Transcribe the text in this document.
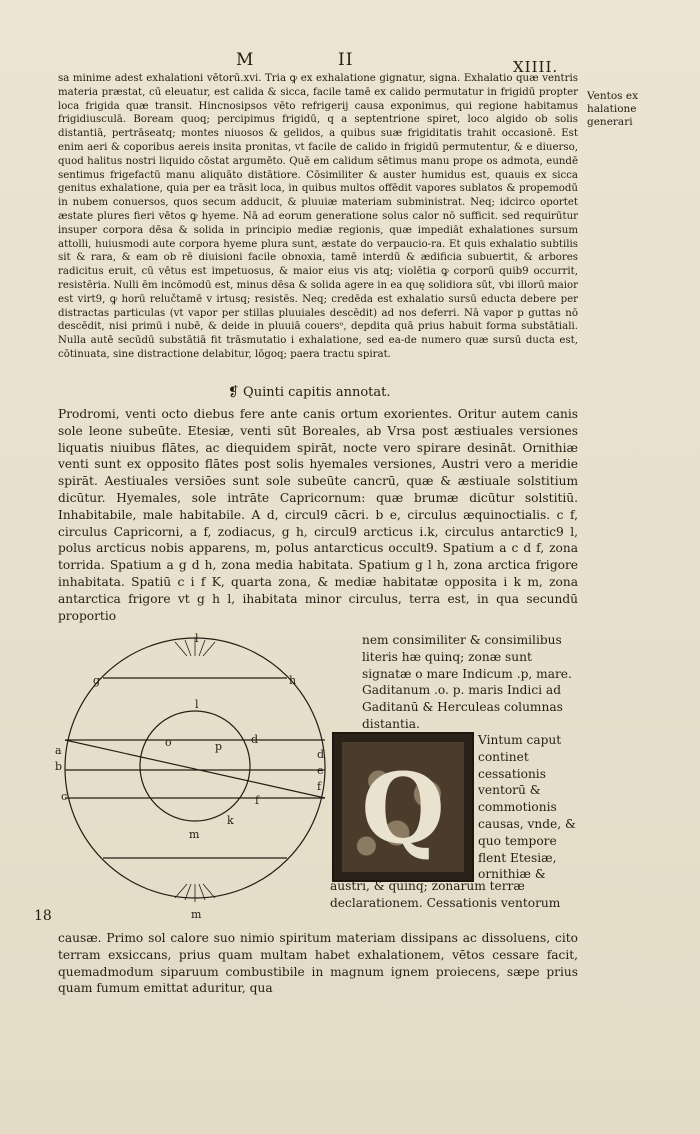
M	II	XIIII.
Ventos ex halatione generari

sa minime adest exhalationi vētorū.xvi. Tria ꝙ ex exhalatione gignatur, signa. Exhalatio quæ ventris materia præstat, cū eleuatur, est calida & sicca, facile tamē ex calido permutatur in frigidū propter loca frigida quæ transit. Hincnosipsos vēto refrigerij causa exponimus, qui regione habitamus frigidiusculā. Boream quoq; percipimus frigidū, q a septentrione spiret, loco algido ob solis distantiā, pertrāseatq; montes niuosos & gelidos, a quibus suæ frigiditatis trahit occasionē. Est enim aeri & coporibus aereis insita pronitas, vt facile de calido in frigidū permutentur, & e diuerso, quod halitus nostri liquido cōstat argumēto. Quē em calidum sētimus manu prope os admota, eundē sentimus frigefactū manu aliquāto distātiore. Cōsimiliter & auster humidus est, quauis ex sicca genitus exhalatione, quia per ea trāsit loca, in quibus multos offēdit vapores sublatos & propemodū in nubem conuersos, quos secum adducit, & pluuiæ materiam subministrat. Neq; idcirco oportet æstate plures fieri vētos ꝙ hyeme. Nā ad eorum generatione solus calor nō sufficit. sed requirūtur insuper corpora dēsa & solida in principio mediæ regionis, quæ impediāt exhalationes sursum attolli, huiusmodi aute corpora hyeme plura sunt, æstate do verpaucio-ra. Et quis exhalatio subtilis sit & rara, & eam ob rē diuisioni facile obnoxia, tamē interdū & ædificia subuertit, & arbores radicitus eruit, cū vētus est impetuosus, & maior eius vis atq; violētia ꝙ corporū quib9 occurrit, resistēria. Nulli ēm incōmodū est, minus dēsa & solida agere in ea quę solidiora sūt, vbi illorū maior est virt9, ꝙ horū relučtamē v irtusq; resistēs. Neq; credēda est exhalatio sursū educta debere per distractas particulas (vt vapor per stillas pluuiales descēdit) ad nos deferri. Nā vapor p guttas nō descēdit, nisi primū i nubē, & deide in pluuiā couersᵒ, depdita quā prius habuit forma substātiali. Nulla autē secūdū substātiā fit trāsmutatio i exhalatione, sed ea-de numero quæ sursū ducta est, cōtinuata, sine distractione delabitur, lōgoq; paera tractu spirat.

❡ Quinti capitis annotat.

Prodromi, venti octo diebus fere ante canis ortum exorientes. Oritur autem canis sole leone subeūte. Etesiæ, venti sūt Boreales, ab Vrsa post æstiuales versiones liquatis niuibus flātes, ac diequidem spirāt, nocte vero spirare desināt. Ornithiæ venti sunt ex opposito flātes post solis hyemales versiones, Austri vero a meridie spirāt. Aestiuales versiōes sunt sole subeūte cancrū, quæ & æstiuale solstitium dicūtur. Hyemales, sole intrāte Capricornum: quæ brumæ dicūtur solstitiū. Inhabitabile, male habitabile. A d, circul9 cācri. b e, circulus æquinoctialis. c f, circulus Capricorni, a f, zodiacus, g h, circul9 arcticus i.k, circulus antarctic9 l, polus arcticus nobis apparens, m, polus antarcticus occult9. Spatium a c d f, zona torrida. Spatium a g d h, zona media habitata. Spatium g l h, zona arctica frigore inhabitata. Spatiū c i f K, quarta zona, & mediæ habitatæ opposita i k m, zona antarctica frigore vt g h l, ihabitata minor circulus, terra est, in qua secundū proportio

l
l
m
m
a
b
c
d
d
e
f
f
g	h
o	p
k

nem consimiliter & consimilibus literis hæ quinq; zonæ sunt signatæ o mare Indicum .p, mare. Gaditanum .o. p. maris Indici ad Gaditanū & Herculeas columnas distantia.

Q

Vintum caput continet cessationis ventorū & commotionis causas, vnde, & quo tempore flent Etesiæ, ornithiæ &

austri, & quinq; zonarum terræ declarationem. Cessationis ventorum

18

causæ. Primo sol calore suo nimio spiritum materiam dissipans ac dissoluens, cito terram exsiccans, prius quam multam habet exhalationem, vētos cessare facit, quemadmodum siparuum combustibile in magnum ignem proiecens, sæpe prius quam fumum emittat aduritur, qua
